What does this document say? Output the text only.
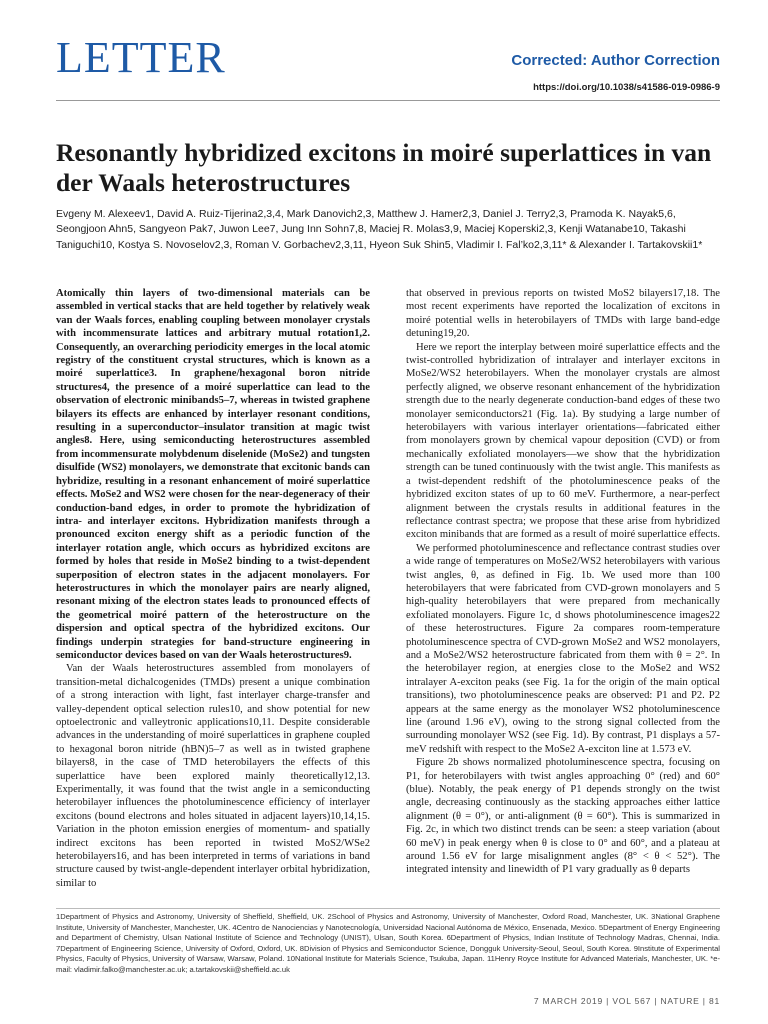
LETTER	Corrected: Author Correction
https://doi.org/10.1038/s41586-019-0986-9
Resonantly hybridized excitons in moiré superlattices in van der Waals heterostructures
Evgeny M. Alexeev1, David A. Ruiz-Tijerina2,3,4, Mark Danovich2,3, Matthew J. Hamer2,3, Daniel J. Terry2,3, Pramoda K. Nayak5,6, Seongjoon Ahn5, Sangyeon Pak7, Juwon Lee7, Jung Inn Sohn7,8, Maciej R. Molas3,9, Maciej Koperski2,3, Kenji Watanabe10, Takashi Taniguchi10, Kostya S. Novoselov2,3, Roman V. Gorbachev2,3,11, Hyeon Suk Shin5, Vladimir I. Fal’ko2,3,11* & Alexander I. Tartakovskii1*

Atomically thin layers of two-dimensional materials can be assembled in vertical stacks that are held together by relatively weak van der Waals forces, enabling coupling between monolayer crystals with incommensurate lattices and arbitrary mutual rotation1,2. Consequently, an overarching periodicity emerges in the local atomic registry of the constituent crystal structures, which is known as a moiré superlattice3. In graphene/hexagonal boron nitride structures4, the presence of a moiré superlattice can lead to the observation of electronic minibands5–7, whereas in twisted graphene bilayers its effects are enhanced by interlayer resonant conditions, resulting in a superconductor–insulator transition at magic twist angles8. Here, using semiconducting heterostructures assembled from incommensurate molybdenum diselenide (MoSe2) and tungsten disulfide (WS2) monolayers, we demonstrate that excitonic bands can hybridize, resulting in a resonant enhancement of moiré superlattice effects. MoSe2 and WS2 were chosen for the near-degeneracy of their conduction-band edges, in order to promote the hybridization of intra- and interlayer excitons. Hybridization manifests through a pronounced exciton energy shift as a periodic function of the interlayer rotation angle, which occurs as hybridized excitons are formed by holes that reside in MoSe2 binding to a twist-dependent superposition of electron states in the adjacent monolayers. For heterostructures in which the monolayer pairs are nearly aligned, resonant mixing of the electron states leads to pronounced effects of the geometrical moiré pattern of the heterostructure on the dispersion and optical spectra of the hybridized excitons. Our findings underpin strategies for band-structure engineering in semiconductor devices based on van der Waals heterostructures9.

Van der Waals heterostructures assembled from monolayers of transition-metal dichalcogenides (TMDs) present a unique combination of a strong interaction with light, fast interlayer charge-transfer and valley-dependent optical selection rules10, and show potential for new optoelectronic and valleytronic applications10,11. Despite considerable advances in the understanding of moiré superlattices in graphene coupled to hexagonal boron nitride (hBN)5–7 as well as in twisted graphene bilayers8, in the case of TMD heterobilayers the effects of this superlattice have been explored mainly theoretically12,13. Experimentally, it was found that the twist angle in a semiconducting heterobilayer influences the photoluminescence efficiency of interlayer excitons (bound electrons and holes situated in adjacent layers)10,14,15. Variation in the photon emission energies of momentum- and spatially indirect excitons has been reported in twisted MoS2/WSe2 heterobilayers16, and has been interpreted in terms of variations in band structure caused by twist-angle-dependent interlayer orbital hybridization, similar to

that observed in previous reports on twisted MoS2 bilayers17,18. The most recent experiments have reported the localization of excitons in moiré potential wells in heterobilayers of TMDs with large band-edge detuning19,20.

Here we report the interplay between moiré superlattice effects and the twist-controlled hybridization of intralayer and interlayer excitons in MoSe2/WS2 heterobilayers. When the monolayer crystals are almost perfectly aligned, we observe resonant enhancement of the hybridization strength due to the nearly degenerate conduction-band edges of these two monolayer semiconductors21 (Fig. 1a). By studying a large number of heterobilayers with various interlayer orientations—fabricated either from monolayers grown by chemical vapour deposition (CVD) or from mechanically exfoliated monolayers—we show that the hybridization strength can be tuned continuously with the twist angle. This manifests as a twist-dependent redshift of the photoluminescence peaks of the hybridized exciton states of up to 60 meV. Furthermore, a near-perfect alignment between the crystals results in additional features in the reflectance contrast spectra; we propose that these arise from hybridized exciton minibands that are formed as a result of moiré superlattice effects.

We performed photoluminescence and reflectance contrast studies over a wide range of temperatures on MoSe2/WS2 heterobilayers with various twist angles, θ, as defined in Fig. 1b. We used more than 100 heterobilayers that were fabricated from CVD-grown monolayers and 5 high-quality heterobilayers that were prepared from mechanically exfoliated monolayers. Figure 1c, d shows photoluminescence images22 of these heterostructures. Figure 2a compares room-temperature photoluminescence spectra of CVD-grown MoSe2 and WS2 monolayers, and a MoSe2/WS2 heterostructure fabricated from them with θ = 2°. In the heterobilayer region, at energies close to the MoSe2 and WS2 intralayer A-exciton peaks (see Fig. 1a for the origin of the main optical transitions), two photoluminescence peaks are observed: P1 and P2. P2 appears at the same energy as the monolayer WS2 photoluminescence line (around 1.96 eV), owing to the strong signal collected from the surrounding monolayer WS2 (see Fig. 1d). By contrast, P1 displays a 57-meV redshift with respect to the MoSe2 A-exciton line at 1.573 eV.

Figure 2b shows normalized photoluminescence spectra, focusing on P1, for heterobilayers with twist angles approaching 0° (red) and 60° (blue). Notably, the peak energy of P1 depends strongly on the twist angle, decreasing continuously as the stacking approaches either lattice alignment (θ = 0°), or anti-alignment (θ = 60°). This is summarized in Fig. 2c, in which two distinct trends can be seen: a steep variation (about 60 meV) in peak energy when θ is close to 0° and 60°, and a plateau at around 1.56 eV for large misalignment angles (8° < θ < 52°). The integrated intensity and linewidth of P1 vary gradually as θ departs

1Department of Physics and Astronomy, University of Sheffield, Sheffield, UK. 2School of Physics and Astronomy, University of Manchester, Oxford Road, Manchester, UK. 3National Graphene Institute, University of Manchester, Manchester, UK. 4Centro de Nanociencias y Nanotecnología, Universidad Nacional Autónoma de México, Ensenada, Mexico. 5Department of Energy Engineering and Department of Chemistry, Ulsan National Institute of Science and Technology (UNIST), Ulsan, South Korea. 6Department of Physics, Indian Institute of Technology Madras, Chennai, India. 7Department of Engineering Science, University of Oxford, Oxford, UK. 8Division of Physics and Semiconductor Science, Dongguk University-Seoul, Seoul, South Korea. 9Institute of Experimental Physics, Faculty of Physics, University of Warsaw, Warsaw, Poland. 10National Institute for Materials Science, Tsukuba, Japan. 11Henry Royce Institute for Advanced Materials, Manchester, UK. *e-mail: vladimir.falko@manchester.ac.uk; a.tartakovskii@sheffield.ac.uk
7 MARCH 2019 | VOL 567 | NATURE | 81
